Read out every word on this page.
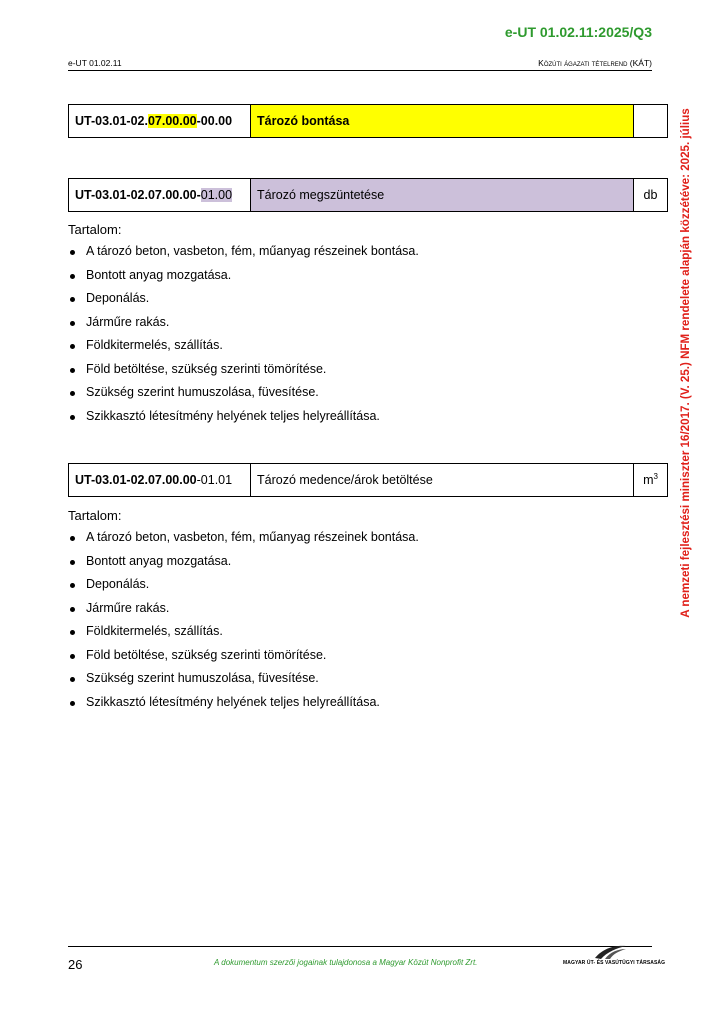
e-UT 01.02.11:2025/Q3
e-UT 01.02.11	Közúti ágazati tételrend (KÁT)
A nemzeti fejlesztési miniszter 16/2017. (V. 25.) NFM rendelete alapján közzétéve: 2025. július
UT-03.01-02.07.00.00-00.00	Tározó bontása	
UT-03.01-02.07.00.00-01.00	Tározó megszüntetése	db
Tartalom:
A tározó beton, vasbeton, fém, műanyag részeinek bontása.
Bontott anyag mozgatása.
Deponálás.
Járműre rakás.
Földkitermelés, szállítás.
Föld betöltése, szükség szerinti tömörítése.
Szükség szerint humuszolása, füvesítése.
Szikkasztó létesítmény helyének teljes helyreállítása.
UT-03.01-02.07.00.00-01.01	Tározó medence/árok betöltése	$m^3$
Tartalom:
A tározó beton, vasbeton, fém, műanyag részeinek bontása.
Bontott anyag mozgatása.
Deponálás.
Járműre rakás.
Földkitermelés, szállítás.
Föld betöltése, szükség szerinti tömörítése.
Szükség szerint humuszolása, füvesítése.
Szikkasztó létesítmény helyének teljes helyreállítása.
26	A dokumentum szerzői jogainak tulajdonosa a Magyar Közút Nonprofit Zrt.	MAGYAR ÚT- ÉS VASÚTÜGYI TÁRSASÁG
